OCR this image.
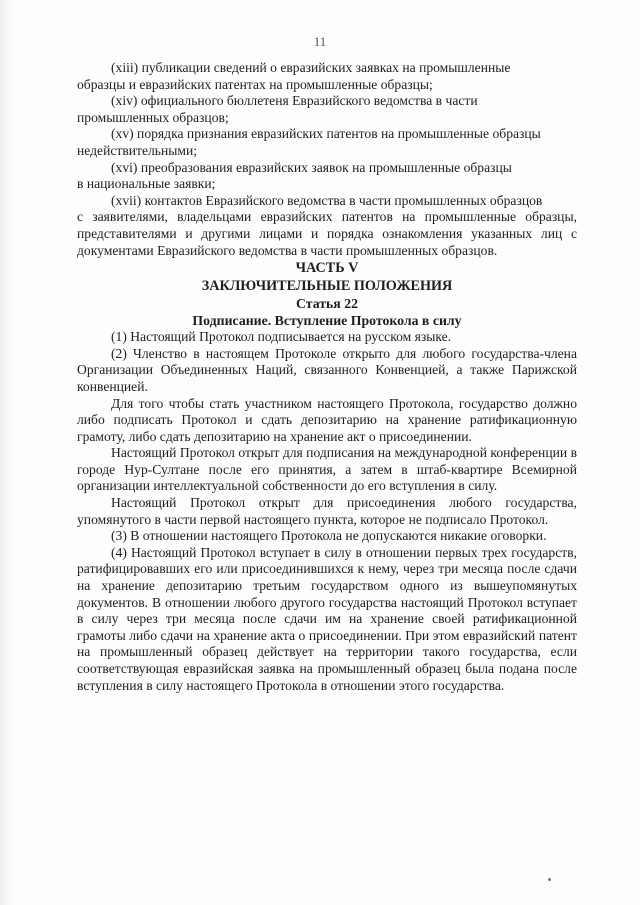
11

(xiii) публикации сведений о евразийских заявках на промышленные

образцы и евразийских патентах на промышленные образцы;

(xiv) официального бюллетеня Евразийского ведомства в части

промышленных образцов;

(xv) порядка признания евразийских патентов на промышленные образцы

недействительными;

(xvi) преобразования евразийских заявок на промышленные образцы

в национальные заявки;

(xvii) контактов Евразийского ведомства в части промышленных образцов

с заявителями, владельцами евразийских патентов на промышленные образцы, представителями и другими лицами и порядка ознакомления указанных лиц с документами Евразийского ведомства в части промышленных образцов.

ЧАСТЬ V

ЗАКЛЮЧИТЕЛЬНЫЕ ПОЛОЖЕНИЯ

Статья 22

Подписание. Вступление Протокола в силу

(1) Настоящий Протокол подписывается на русском языке.

(2) Членство в настоящем Протоколе открыто для любого государства-члена Организации Объединенных Наций, связанного Конвенцией, а также Парижской конвенцией.

Для того чтобы стать участником настоящего Протокола, государство должно либо подписать Протокол и сдать депозитарию на хранение ратификационную грамоту, либо сдать депозитарию на хранение акт о присоединении.

Настоящий Протокол открыт для подписания на международной конференции в городе Нур-Султане после его принятия, а затем в штаб-квартире Всемирной организации интеллектуальной собственности до его вступления в силу.

Настоящий Протокол открыт для присоединения любого государства, упомянутого в части первой настоящего пункта, которое не подписало Протокол.

(3) В отношении настоящего Протокола не допускаются никакие оговорки.

(4) Настоящий Протокол вступает в силу в отношении первых трех государств, ратифицировавших его или присоединившихся к нему, через три месяца после сдачи на хранение депозитарию третьим государством одного из вышеупомянутых документов. В отношении любого другого государства настоящий Протокол вступает в силу через три месяца после сдачи им на хранение своей ратификационной грамоты либо сдачи на хранение акта о присоединении. При этом евразийский патент на промышленный образец действует на территории такого государства, если соответствующая евразийская заявка на промышленный образец была подана после вступления в силу настоящего Протокола в отношении этого государства.
